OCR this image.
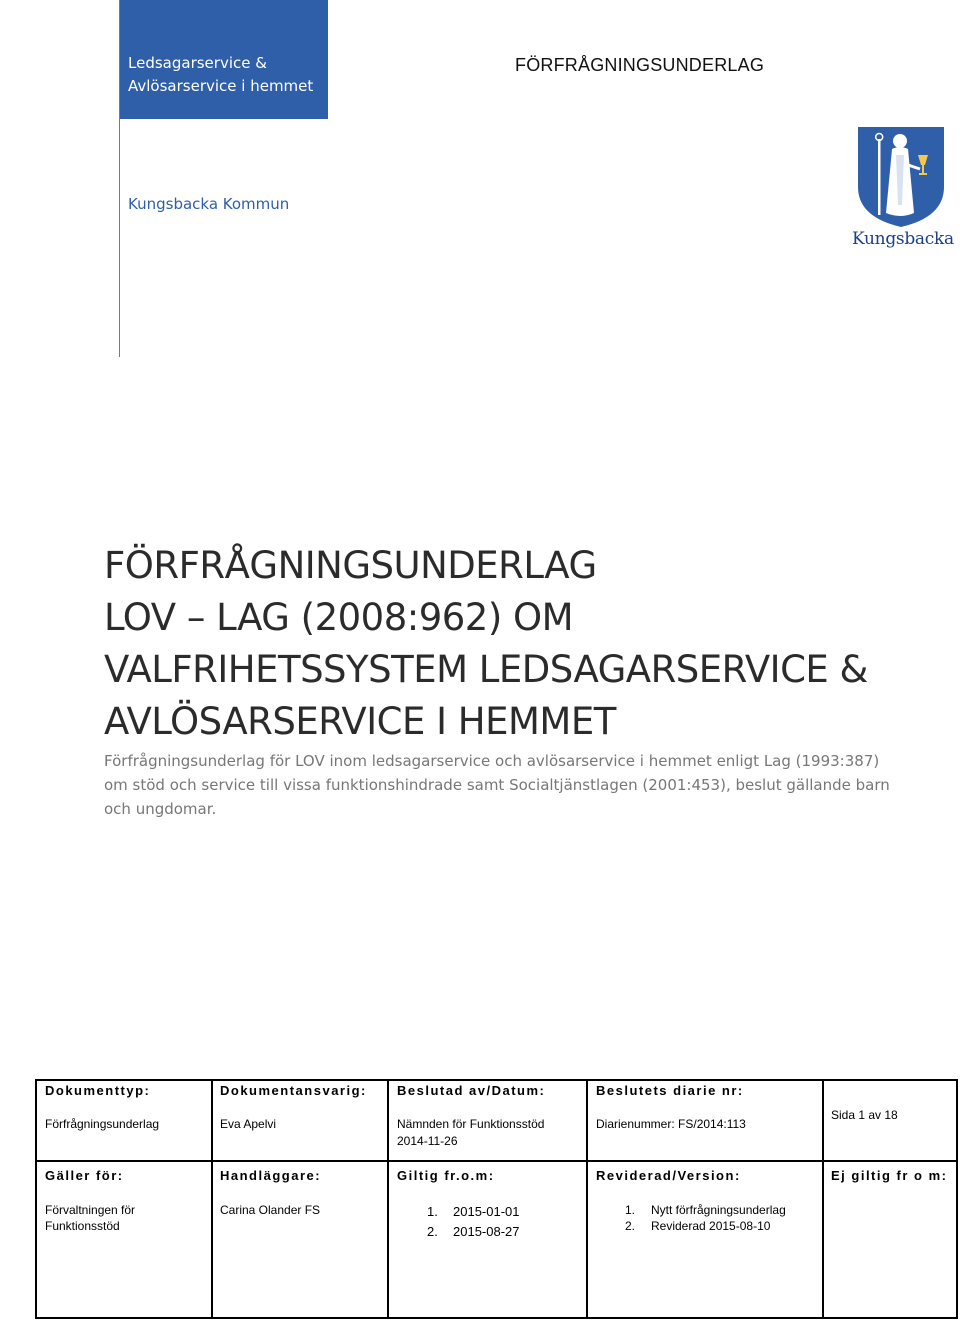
Ledsagarservice & Avlösarservice i hemmet
FÖRFRÅGNINGSUNDERLAG
Kungsbacka Kommun
Kungsbacka
FÖRFRÅGNINGSUNDERLAG
LOV – LAG (2008:962) OM
VALFRIHETSSYSTEM LEDSAGARSERVICE &
AVLÖSARSERVICE I HEMMET
Förfrågningsunderlag för LOV inom ledsagarservice och avlösarservice i hemmet enligt Lag (1993:387) om stöd och service till vissa funktionshindrade samt Socialtjänstlagen (2001:453), beslut gällande barn och ungdomar.
Dokumenttyp:
Förfrågningsunderlag
Dokumentansvarig:
Eva Apelvi
Beslutad av/Datum:
Nämnden för Funktionsstöd
2014-11-26
Beslutets diarie nr:
Diarienummer: FS/2014:113
Sida 1 av 18
Gäller för:
Förvaltningen för Funktionsstöd
Handläggare:
Carina Olander FS
Giltig fr.o.m:
1. 2015-01-01
2. 2015-08-27
Reviderad/Version:
1. Nytt förfrågningsunderlag
2. Reviderad 2015-08-10
Ej giltig fr o m:
